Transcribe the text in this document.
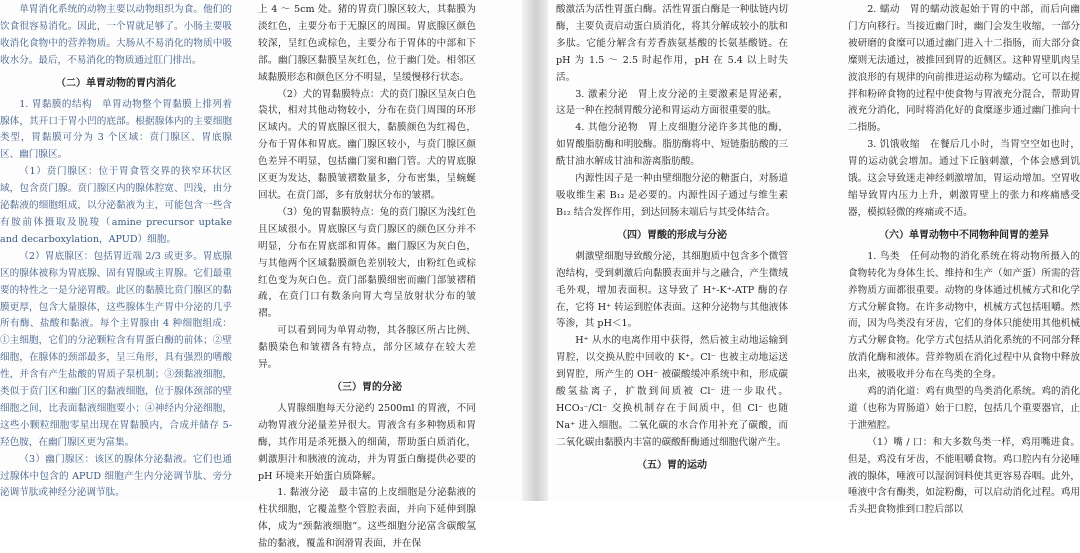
单胃消化系统的动物主要以动物组织为食。他们的饮食很容易消化。因此，一个胃就足够了。小肠主要吸收消化食物中的营养物质。大肠从不易消化的物质中吸收水分。最后，不易消化的物质通过肛门排出。

（二）单胃动物的胃内消化

1. 胃黏膜的结构　单胃动物整个胃黏膜上排列着腺体，其开口于胃小凹的底部。根据腺体内的主要细胞类型，胃黏膜可分为 3 个区域：贲门腺区、胃底腺区、幽门腺区。

（1）贲门腺区：位于胃食管交界的狭窄环状区域，包含贲门腺。贲门腺区内的腺体腔宽、凹浅，由分泌黏液的细胞组成，以分泌黏液为主，可能包含一些含有胺前体摄取及脱羧（amine precursor uptake and decarboxylation，APUD）细胞。

（2）胃底腺区：包括胃近端 2/3 或更多。胃底腺区的腺体被称为胃底腺、固有胃腺或主胃腺。它们最重要的特性之一是分泌胃酸。此区的黏膜比贲门腺区的黏膜更厚，包含大量腺体，这些腺体生产胃中分泌的几乎所有酶、盐酸和黏液。每个主胃腺由 4 种细胞组成：①主细胞，它们的分泌颗粒含有胃蛋白酶的前体；②壁细胞，在腺体的颈部最多，呈三角形，具有强烈的嗜酸性，并含有产生盐酸的胃质子泵机制；③颈黏液细胞，类似于贲门区和幽门区的黏液细胞，位于腺体颈部的壁细胞之间，比表面黏液细胞要小；④神经内分泌细胞，这些小颗粒细胞零星出现在胃黏膜内，合成并储存 5- 羟色胺，在幽门腺区更为富集。

（3）幽门腺区：该区的腺体分泌黏液。它们也通过腺体中包含的 APUD 细胞产生内分泌调节肽、旁分泌调节肽或神经分泌调节肽。

上 4 ～ 5cm 处。猪的胃贲门腺区较大，其黏膜为淡红色，主要分布于无腺区的周围。胃底腺区颜色较深，呈红色或棕色，主要分布于胃体的中部和下部。幽门腺区黏膜呈灰红色，位于幽门处。相邻区域黏膜形态和颜色区分不明显，呈缓慢移行状态。

（2）犬的胃黏膜特点：犬的贲门腺区呈灰白色袋状，相对其他动物较小，分布在贲门周围的环形区域内。犬的胃底腺区很大，黏膜颜色为红褐色，分布于胃体和胃底。幽门腺区较小，与贲门腺区颜色差异不明显，包括幽门窦和幽门管。犬的胃底腺区更为发达，黏膜皱褶数量多，分布密集，呈蜿蜒回状。在贲门部，多有放射状分布的皱褶。

（3）兔的胃黏膜特点：兔的贲门腺区为浅红色且区域很小。胃底腺区与贲门腺区的颜色区分并不明显，分布在胃底部和胃体。幽门腺区为灰白色，与其他两个区域黏膜颜色差别较大，由粉红色或棕红色变为灰白色。贲门部黏膜细密而幽门部皱褶稍疏，在贲门口有数条向胃大弯呈放射状分布的皱褶。

可以看到同为单胃动物，其各腺区所占比例、黏膜染色和皱褶各有特点，部分区域存在较大差异。

（三）胃的分泌

人胃腺细胞每天分泌约 2500ml 的胃液，不同动物胃液分泌量差异很大。胃液含有多种物质和胃酶，其作用是杀死摄入的细菌，帮助蛋白质消化，刺激胆汁和胰液的流动，并为胃蛋白酶提供必要的 pH 环境来开始蛋白质降解。

1. 黏液分泌　最丰富的上皮细胞是分泌黏液的柱状细胞，它覆盖整个管腔表面，并向下延伸到腺体，成为“颈黏液细胞”。这些细胞分泌富含碳酸氢盐的黏液，覆盖和润滑胃表面，并在保

酸激活为活性胃蛋白酶。活性胃蛋白酶是一种肽链内切酶，主要负责启动蛋白质消化，将其分解成较小的肽和多肽。它能分解含有芳香族氨基酸的长氨基酸链。在 pH 为 1.5 ～ 2.5 时起作用，pH 在 5.4 以上时失活。

3. 激素分泌　胃上皮分泌的主要激素是胃泌素，这是一种在控制胃酸分泌和胃运动方面很重要的肽。

4. 其他分泌物　胃上皮细胞分泌许多其他的酶，如胃酸脂肪酶和明胶酶。脂肪酶将中、短链脂肪酸的三酰甘油水解成甘油和游离脂肪酸。

内源性因子是一种由壁细胞分泌的糖蛋白，对肠道吸收维生素 B₁₂ 是必要的。内源性因子通过与维生素 B₁₂ 结合发挥作用，到达回肠末端后与其受体结合。

（四）胃酸的形成与分泌

刺激壁细胞导致酸分泌，其细胞质中包含多个微管泡结构，受到刺激后向黏膜表面并与之融合，产生微绒毛外观，增加表面积。这导致了 H⁺-K⁺-ATP 酶的存在，它将 H⁺ 转运到腔体表面。这种分泌物与其他液体等渗，其 pH＜1。

H⁺ 从水的电离作用中获得，然后被主动地运输到胃腔，以交换从腔中回收的 K⁺。Cl⁻ 也被主动地运送到胃腔，所产生的 OH⁻ 被碳酸缓冲系统中和，形成碳酸氢盐离子，扩散到间质被 Cl⁻ 进一步取代。HCO₃⁻/Cl⁻ 交换机制存在于间质中，但 Cl⁻ 也随 Na⁺ 进入细胞。二氧化碳的水合作用补充了碳酸，而二氧化碳由黏膜内丰富的碳酸酐酶通过细胞代谢产生。

（五）胃的运动

2. 蠕动　胃的蠕动波起始于胃的中部，而后向幽门方向移行。当接近幽门时，幽门会发生收缩，一部分被研磨的食糜可以通过幽门进入十二指肠，而大部分食糜则无法通过，被推回到胃的近侧区。这种胃壁肌肉呈波浪形的有规律的向前推进运动称为蠕动。它可以在搅拌和粉碎食物的过程中使食物与胃液充分混合，帮助胃液充分消化，同时将消化好的食糜逐步通过幽门推向十二指肠。

3. 饥饿收缩　在餐后几小时，当胃空空如也时，胃的运动就会增加。通过下丘脑刺激，个体会感到饥饿。这会导致迷走神经刺激增加，胃运动增加。空胃收缩导致胃内压力上升，刺激胃壁上的张力和疼痛感受器，模拟轻微的疼痛或不适。

（六）单胃动物中不同物种间胃的差异

1. 鸟类　任何动物的消化系统在将动物所摄入的食物转化为身体生长、维持和生产（如产蛋）所需的营养物质方面都很重要。动物的身体通过机械方式和化学方式分解食物。在许多动物中，机械方式包括咀嚼。然而，因为鸟类没有牙齿，它们的身体只能使用其他机械方式分解食物。化学方式包括从消化系统的不同部分释放消化酶和液体。营养物质在消化过程中从食物中释放出来，被吸收并分布在鸟类的全身。

鸡的消化道：鸡有典型的鸟类消化系统。鸡的消化道（也称为胃肠道）始于口腔，包括几个重要器官，止于泄殖腔。

（1）嘴 / 口：和大多数鸟类一样，鸡用嘴进食。但是，鸡没有牙齿，不能咀嚼食物。鸡口腔内有分泌唾液的腺体，唾液可以湿润饲料使其更容易吞咽。此外，唾液中含有酶类，如淀粉酶，可以启动消化过程。鸡用舌头把食物推到口腔后部以
